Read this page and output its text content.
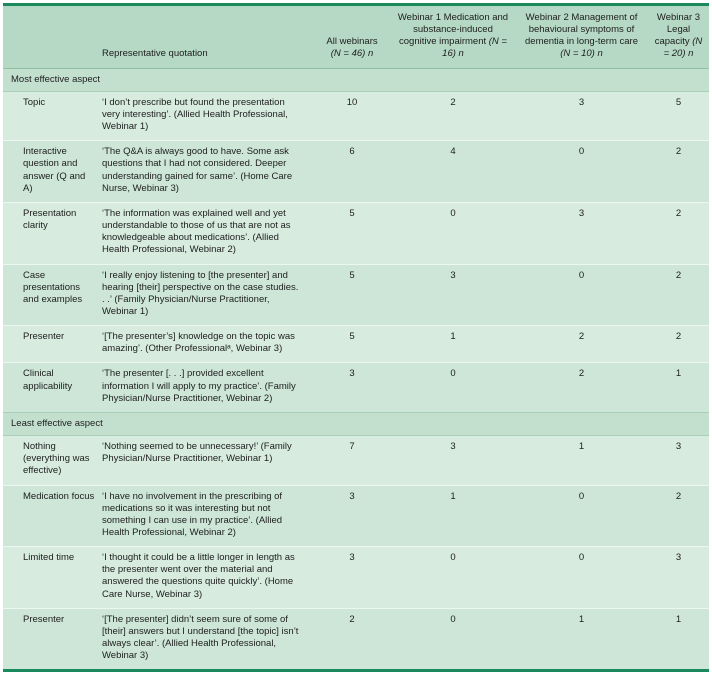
	Representative quotation	All webinars (N = 46) n	Webinar 1 Medication and substance-induced cognitive impairment (N = 16) n	Webinar 2 Management of behavioural symptoms of dementia in long-term care (N = 10) n	Webinar 3 Legal capacity (N = 20) n

Most effective aspect					
Topic	‘I don’t prescribe but found the presentation very interesting’. (Allied Health Professional, Webinar 1)	10	2	3	5
Interactive question and answer (Q and A)	‘The Q&A is always good to have. Some ask questions that I had not considered. Deeper understanding gained for same’. (Home Care Nurse, Webinar 3)	6	4	0	2
Presentation clarity	‘The information was explained well and yet understandable to those of us that are not as knowledgeable about medications’. (Allied Health Professional, Webinar 2)	5	0	3	2
Case presentations and examples	‘I really enjoy listening to [the presenter] and hearing [their] perspective on the case studies. . .’ (Family Physician/Nurse Practitioner, Webinar 1)	5	3	0	2
Presenter	‘[The presenter’s] knowledge on the topic was amazing’. (Other Professionalᵃ, Webinar 3)	5	1	2	2
Clinical applicability	‘The presenter [. . .] provided excellent information I will apply to my practice’. (Family Physician/Nurse Practitioner, Webinar 2)	3	0	2	1
Least effective aspect					
Nothing (everything was effective)	‘Nothing seemed to be unnecessary!’ (Family Physician/Nurse Practitioner, Webinar 1)	7	3	1	3
Medication focus	‘I have no involvement in the prescribing of medications so it was interesting but not something I can use in my practice’. (Allied Health Professional, Webinar 2)	3	1	0	2
Limited time	‘I thought it could be a little longer in length as the presenter went over the material and answered the questions quite quickly’. (Home Care Nurse, Webinar 3)	3	0	0	3
Presenter	‘[The presenter] didn’t seem sure of some of [their] answers but I understand [the topic] isn’t always clear’. (Allied Health Professional, Webinar 3)	2	0	1	1
